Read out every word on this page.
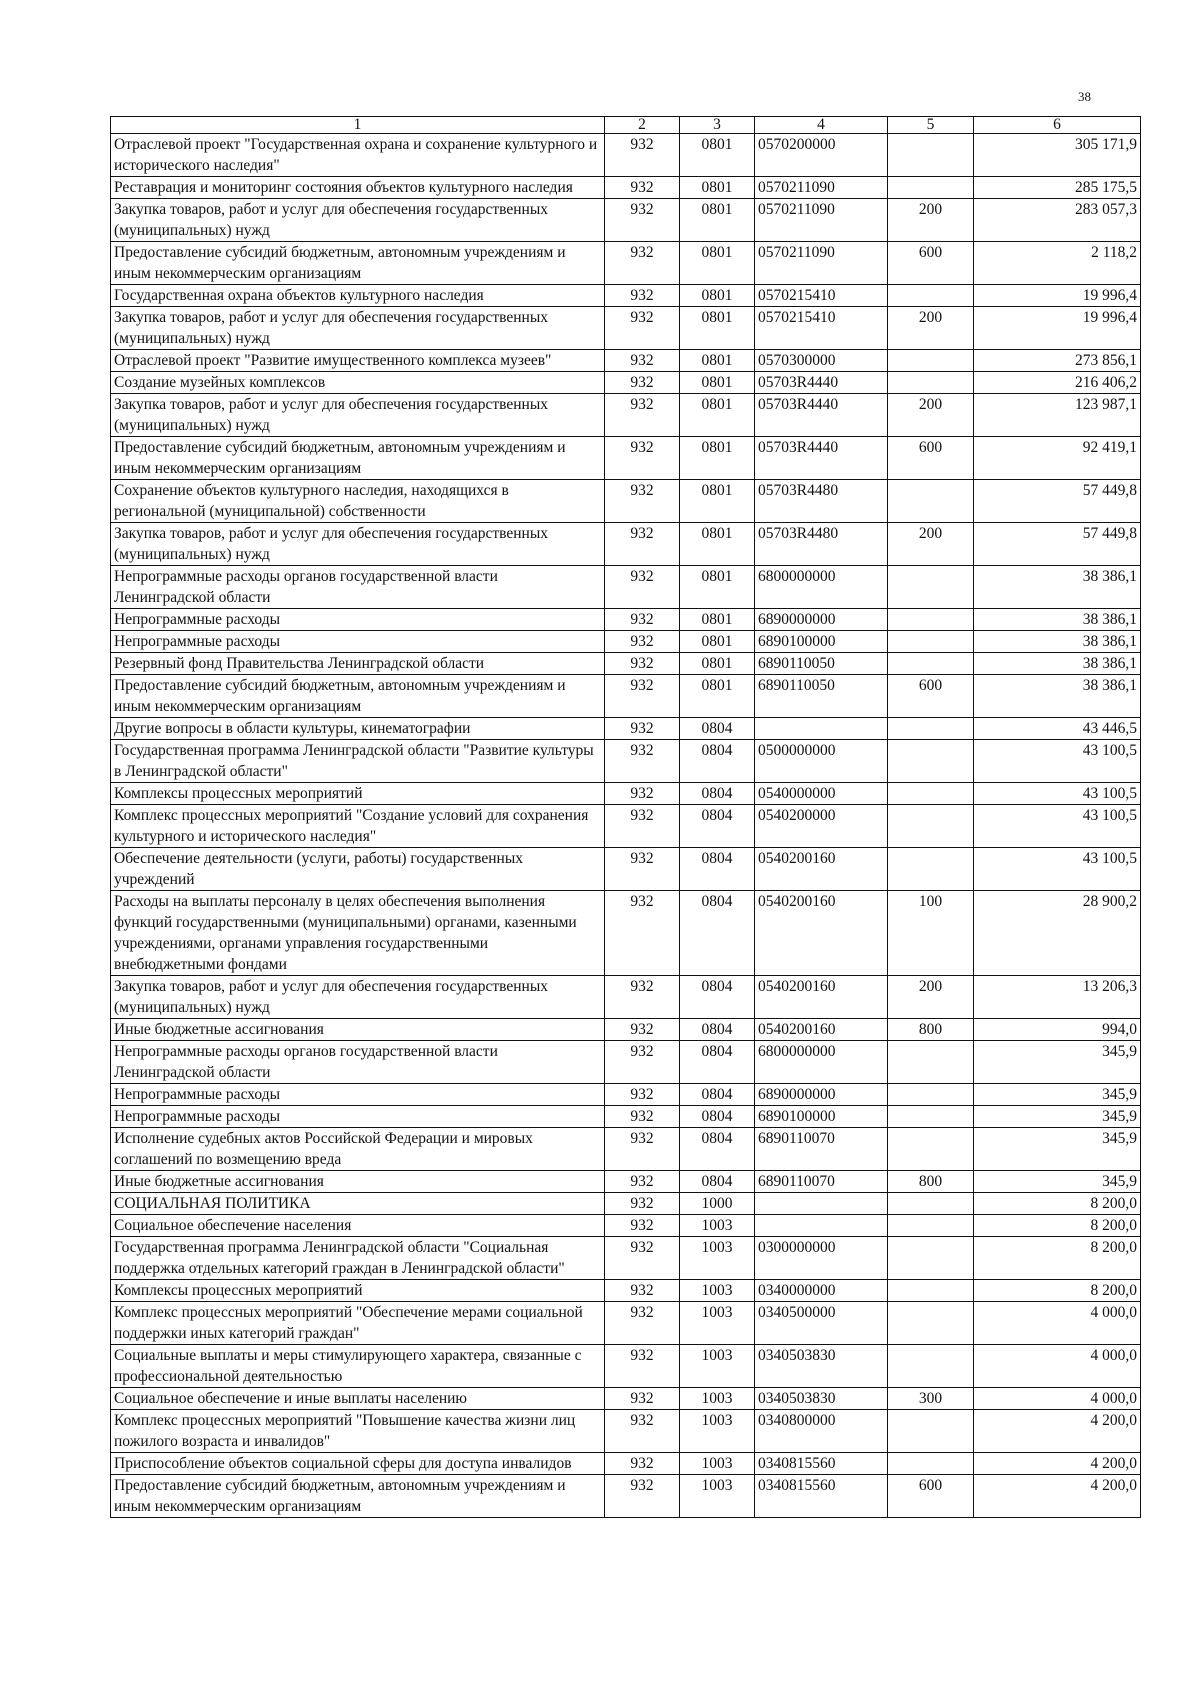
38
1	2	3	4	5	6
Отраслевой проект "Государственная охрана и сохранение культурного и исторического наследия"	932	0801	0570200000		305 171,9
Реставрация и мониторинг состояния объектов культурного наследия	932	0801	0570211090		285 175,5
Закупка товаров, работ и услуг для обеспечения государственных (муниципальных) нужд	932	0801	0570211090	200	283 057,3
Предоставление субсидий бюджетным, автономным учреждениям и иным некоммерческим организациям	932	0801	0570211090	600	2 118,2
Государственная охрана объектов культурного наследия	932	0801	0570215410		19 996,4
Закупка товаров, работ и услуг для обеспечения государственных (муниципальных) нужд	932	0801	0570215410	200	19 996,4
Отраслевой проект "Развитие имущественного комплекса музеев"	932	0801	0570300000		273 856,1
Создание музейных комплексов	932	0801	05703R4440		216 406,2
Закупка товаров, работ и услуг для обеспечения государственных (муниципальных) нужд	932	0801	05703R4440	200	123 987,1
Предоставление субсидий бюджетным, автономным учреждениям и иным некоммерческим организациям	932	0801	05703R4440	600	92 419,1
Сохранение объектов культурного наследия, находящихся в региональной (муниципальной) собственности	932	0801	05703R4480		57 449,8
Закупка товаров, работ и услуг для обеспечения государственных (муниципальных) нужд	932	0801	05703R4480	200	57 449,8
Непрограммные расходы органов государственной власти Ленинградской области	932	0801	6800000000		38 386,1
Непрограммные расходы	932	0801	6890000000		38 386,1
Непрограммные расходы	932	0801	6890100000		38 386,1
Резервный фонд Правительства Ленинградской области	932	0801	6890110050		38 386,1
Предоставление субсидий бюджетным, автономным учреждениям и иным некоммерческим организациям	932	0801	6890110050	600	38 386,1
Другие вопросы в области культуры, кинематографии	932	0804			43 446,5
Государственная программа Ленинградской области "Развитие культуры в Ленинградской области"	932	0804	0500000000		43 100,5
Комплексы процессных мероприятий	932	0804	0540000000		43 100,5
Комплекс процессных мероприятий "Создание условий для сохранения культурного и исторического наследия"	932	0804	0540200000		43 100,5
Обеспечение деятельности (услуги, работы) государственных учреждений	932	0804	0540200160		43 100,5
Расходы на выплаты персоналу в целях обеспечения выполнения функций государственными (муниципальными) органами, казенными учреждениями, органами управления государственными внебюджетными фондами	932	0804	0540200160	100	28 900,2
Закупка товаров, работ и услуг для обеспечения государственных (муниципальных) нужд	932	0804	0540200160	200	13 206,3
Иные бюджетные ассигнования	932	0804	0540200160	800	994,0
Непрограммные расходы органов государственной власти Ленинградской области	932	0804	6800000000		345,9
Непрограммные расходы	932	0804	6890000000		345,9
Непрограммные расходы	932	0804	6890100000		345,9
Исполнение судебных актов Российской Федерации и мировых соглашений по возмещению вреда	932	0804	6890110070		345,9
Иные бюджетные ассигнования	932	0804	6890110070	800	345,9
СОЦИАЛЬНАЯ ПОЛИТИКА	932	1000			8 200,0
Социальное обеспечение населения	932	1003			8 200,0
Государственная программа Ленинградской области "Социальная поддержка отдельных категорий граждан в Ленинградской области"	932	1003	0300000000		8 200,0
Комплексы процессных мероприятий	932	1003	0340000000		8 200,0
Комплекс процессных мероприятий "Обеспечение мерами социальной поддержки иных категорий граждан"	932	1003	0340500000		4 000,0
Социальные выплаты и меры стимулирующего характера, связанные с профессиональной деятельностью	932	1003	0340503830		4 000,0
Социальное обеспечение и иные выплаты населению	932	1003	0340503830	300	4 000,0
Комплекс процессных мероприятий "Повышение качества жизни лиц пожилого возраста и инвалидов"	932	1003	0340800000		4 200,0
Приспособление объектов социальной сферы для доступа инвалидов	932	1003	0340815560		4 200,0
Предоставление субсидий бюджетным, автономным учреждениям и иным некоммерческим организациям	932	1003	0340815560	600	4 200,0
